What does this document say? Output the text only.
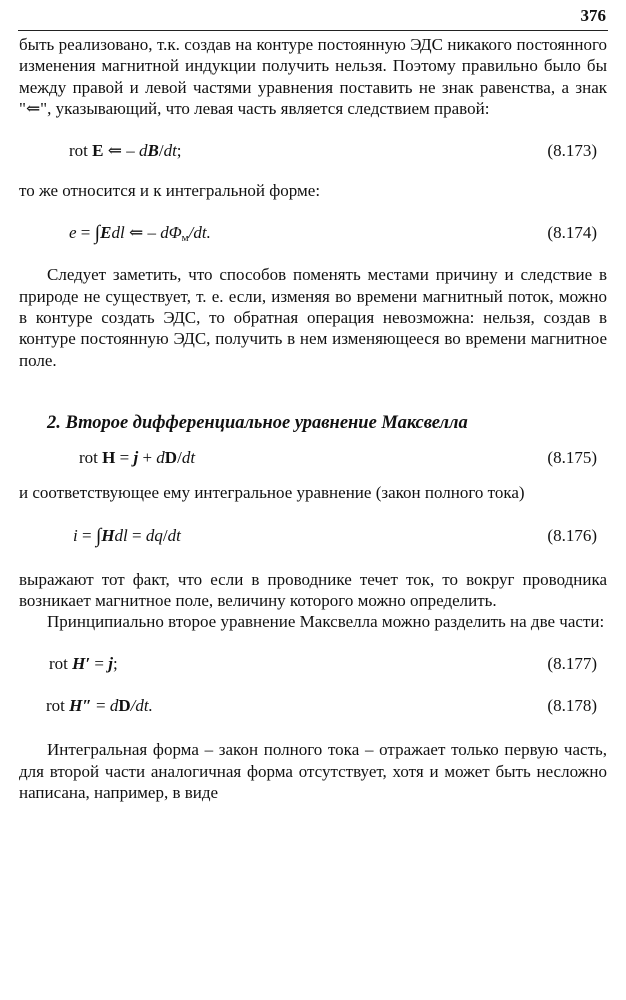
376

быть реализовано, т.к. создав на контуре постоянную ЭДС никакого постоянного изменения магнитной индукции получить нельзя. Поэтому правильно было бы между правой и левой частями уравнения поставить не знак равенства, а знак "⇐", указывающий, что левая часть является следствием правой:

rot E ⇐ – dB/dt;	(8.173)

то же относится и к интегральной форме:

e = ∫Edl ⇐ – $d\Phi_м/dt$.	(8.174)

Следует заметить, что способов поменять местами причину и следствие в природе не существует, т. е. если, изменяя во времени магнитный поток, можно в контуре создать ЭДС, то обратная операция невозможна: нельзя, создав в контуре постоянную ЭДС, получить в нем изменяющееся во времени магнитное поле.

2. Второе дифференциальное уравнение Максвелла

rot H = j + dD/dt	(8.175)

и соответствующее ему интегральное уравнение (закон полного тока)

i = ∫Hdl = dq/dt	(8.176)

выражают тот факт, что если в проводнике течет ток, то вокруг проводника возникает магнитное поле, величину которого можно определить.

Принципиально второе уравнение Максвелла можно разделить на две части:

rot H′ = j;	(8.177)
rot H″ = dD/dt.	(8.178)

Интегральная форма – закон полного тока – отражает только первую часть, для второй части аналогичная форма отсутствует, хотя и может быть несложно написана, например, в виде
